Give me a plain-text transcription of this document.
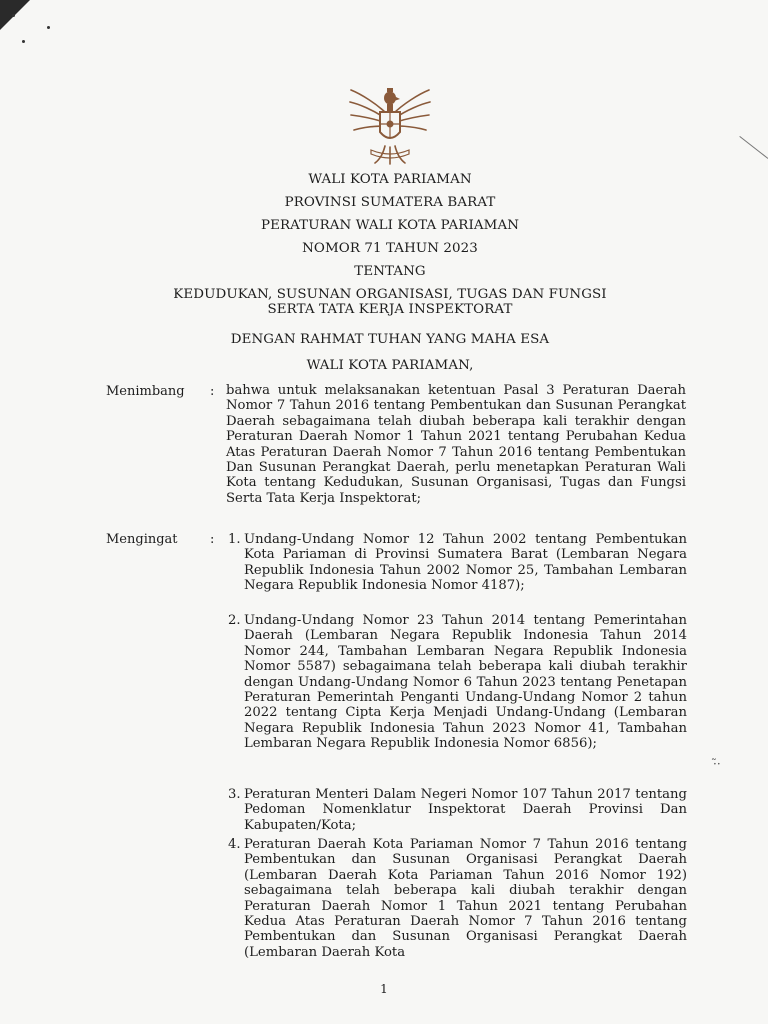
WALI KOTA PARIAMAN
PROVINSI SUMATERA BARAT
PERATURAN WALI KOTA PARIAMAN
NOMOR 71 TAHUN 2023
TENTANG
KEDUDUKAN, SUSUNAN ORGANISASI, TUGAS DAN FUNGSI
SERTA TATA KERJA INSPEKTORAT
DENGAN RAHMAT TUHAN YANG MAHA ESA
WALI KOTA PARIAMAN,
Menimbang : bahwa untuk melaksanakan ketentuan Pasal 3 Peraturan Daerah Nomor 7 Tahun 2016 tentang Pembentukan dan Susunan Perangkat Daerah sebagaimana telah diubah beberapa kali terakhir dengan Peraturan Daerah Nomor 1 Tahun 2021 tentang Perubahan Kedua Atas Peraturan Daerah Nomor 7 Tahun 2016 tentang Pembentukan Dan Susunan Perangkat Daerah, perlu menetapkan Peraturan Wali Kota tentang Kedudukan, Susunan Organisasi, Tugas dan Fungsi Serta Tata Kerja Inspektorat;
Mengingat : 1. Undang-Undang Nomor 12 Tahun 2002 tentang Pembentukan Kota Pariaman di Provinsi Sumatera Barat (Lembaran Negara Republik Indonesia Tahun 2002 Nomor 25, Tambahan Lembaran Negara Republik Indonesia Nomor 4187);
2. Undang-Undang Nomor 23 Tahun 2014 tentang Pemerintahan Daerah (Lembaran Negara Republik Indonesia Tahun 2014 Nomor 244, Tambahan Lembaran Negara Republik Indonesia Nomor 5587) sebagaimana telah beberapa kali diubah terakhir dengan Undang-Undang Nomor 6 Tahun 2023 tentang Penetapan Peraturan Pemerintah Penganti Undang-Undang Nomor 2 tahun 2022 tentang Cipta Kerja Menjadi Undang-Undang (Lembaran Negara Republik Indonesia Tahun 2023 Nomor 41, Tambahan Lembaran Negara Republik Indonesia Nomor 6856);
3. Peraturan Menteri Dalam Negeri Nomor 107 Tahun 2017 tentang Pedoman Nomenklatur Inspektorat Daerah Provinsi Dan Kabupaten/Kota;
4. Peraturan Daerah Kota Pariaman Nomor 7 Tahun 2016 tentang Pembentukan dan Susunan Organisasi Perangkat Daerah (Lembaran Daerah Kota Pariaman Tahun 2016 Nomor 192) sebagaimana telah beberapa kali diubah terakhir dengan Peraturan Daerah Nomor 1 Tahun 2021 tentang Perubahan Kedua Atas Peraturan Daerah Nomor 7 Tahun 2016 tentang Pembentukan dan Susunan Organisasi Perangkat Daerah (Lembaran Daerah Kota
·̃·
1
